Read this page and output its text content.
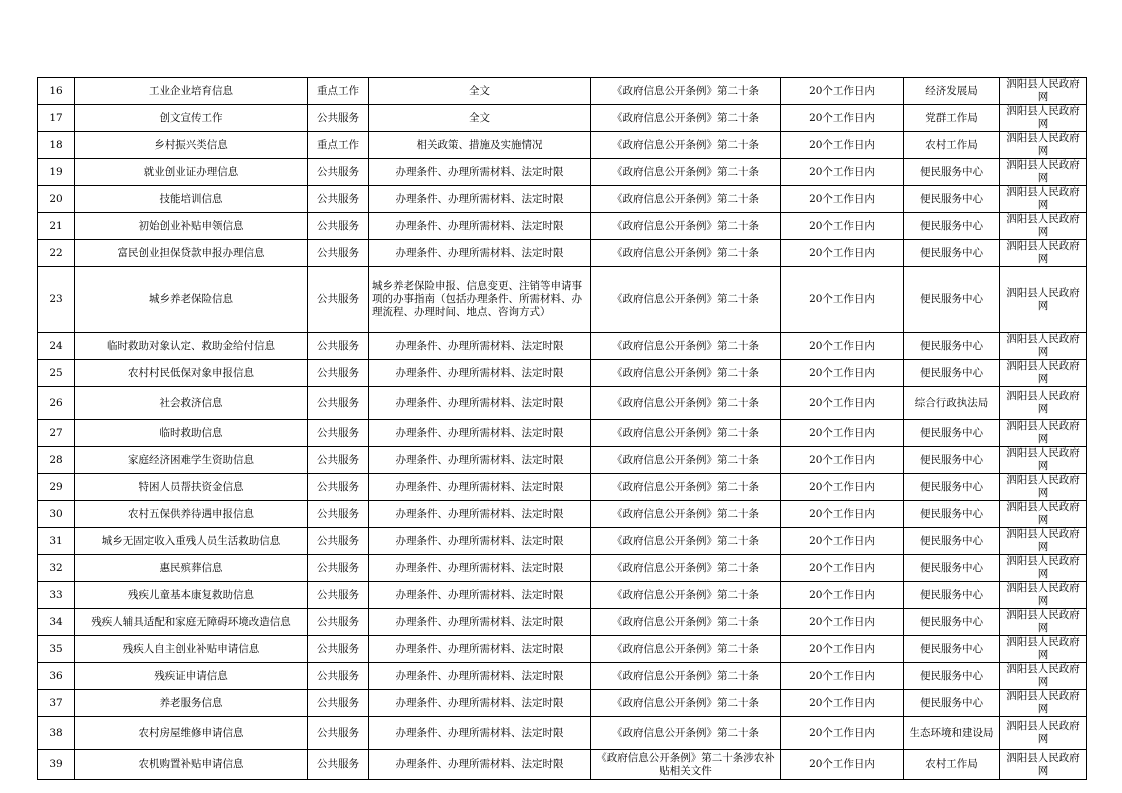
16	工业企业培育信息	重点工作	全文	《政府信息公开条例》第二十条	20个工作日内	经济发展局	泗阳县人民政府网
17	创文宣传工作	公共服务	全文	《政府信息公开条例》第二十条	20个工作日内	党群工作局	泗阳县人民政府网
18	乡村振兴类信息	重点工作	相关政策、措施及实施情况	《政府信息公开条例》第二十条	20个工作日内	农村工作局	泗阳县人民政府网
19	就业创业证办理信息	公共服务	办理条件、办理所需材料、法定时限	《政府信息公开条例》第二十条	20个工作日内	便民服务中心	泗阳县人民政府网
20	技能培训信息	公共服务	办理条件、办理所需材料、法定时限	《政府信息公开条例》第二十条	20个工作日内	便民服务中心	泗阳县人民政府网
21	初始创业补贴申领信息	公共服务	办理条件、办理所需材料、法定时限	《政府信息公开条例》第二十条	20个工作日内	便民服务中心	泗阳县人民政府网
22	富民创业担保贷款申报办理信息	公共服务	办理条件、办理所需材料、法定时限	《政府信息公开条例》第二十条	20个工作日内	便民服务中心	泗阳县人民政府网
23	城乡养老保险信息	公共服务	城乡养老保险申报、信息变更、注销等申请事项的办事指南（包括办理条件、所需材料、办理流程、办理时间、地点、咨询方式）	《政府信息公开条例》第二十条	20个工作日内	便民服务中心	泗阳县人民政府网
24	临时救助对象认定、救助金给付信息	公共服务	办理条件、办理所需材料、法定时限	《政府信息公开条例》第二十条	20个工作日内	便民服务中心	泗阳县人民政府网
25	农村村民低保对象申报信息	公共服务	办理条件、办理所需材料、法定时限	《政府信息公开条例》第二十条	20个工作日内	便民服务中心	泗阳县人民政府网
26	社会救济信息	公共服务	办理条件、办理所需材料、法定时限	《政府信息公开条例》第二十条	20个工作日内	综合行政执法局	泗阳县人民政府网
27	临时救助信息	公共服务	办理条件、办理所需材料、法定时限	《政府信息公开条例》第二十条	20个工作日内	便民服务中心	泗阳县人民政府网
28	家庭经济困难学生资助信息	公共服务	办理条件、办理所需材料、法定时限	《政府信息公开条例》第二十条	20个工作日内	便民服务中心	泗阳县人民政府网
29	特困人员帮扶资金信息	公共服务	办理条件、办理所需材料、法定时限	《政府信息公开条例》第二十条	20个工作日内	便民服务中心	泗阳县人民政府网
30	农村五保供养待遇申报信息	公共服务	办理条件、办理所需材料、法定时限	《政府信息公开条例》第二十条	20个工作日内	便民服务中心	泗阳县人民政府网
31	城乡无固定收入重残人员生活救助信息	公共服务	办理条件、办理所需材料、法定时限	《政府信息公开条例》第二十条	20个工作日内	便民服务中心	泗阳县人民政府网
32	惠民殡葬信息	公共服务	办理条件、办理所需材料、法定时限	《政府信息公开条例》第二十条	20个工作日内	便民服务中心	泗阳县人民政府网
33	残疾儿童基本康复救助信息	公共服务	办理条件、办理所需材料、法定时限	《政府信息公开条例》第二十条	20个工作日内	便民服务中心	泗阳县人民政府网
34	残疾人辅具适配和家庭无障碍环境改造信息	公共服务	办理条件、办理所需材料、法定时限	《政府信息公开条例》第二十条	20个工作日内	便民服务中心	泗阳县人民政府网
35	残疾人自主创业补贴申请信息	公共服务	办理条件、办理所需材料、法定时限	《政府信息公开条例》第二十条	20个工作日内	便民服务中心	泗阳县人民政府网
36	残疾证申请信息	公共服务	办理条件、办理所需材料、法定时限	《政府信息公开条例》第二十条	20个工作日内	便民服务中心	泗阳县人民政府网
37	养老服务信息	公共服务	办理条件、办理所需材料、法定时限	《政府信息公开条例》第二十条	20个工作日内	便民服务中心	泗阳县人民政府网
38	农村房屋维修申请信息	公共服务	办理条件、办理所需材料、法定时限	《政府信息公开条例》第二十条	20个工作日内	生态环境和建设局	泗阳县人民政府网
39	农机购置补贴申请信息	公共服务	办理条件、办理所需材料、法定时限	《政府信息公开条例》第二十条涉农补贴相关文件	20个工作日内	农村工作局	泗阳县人民政府网
